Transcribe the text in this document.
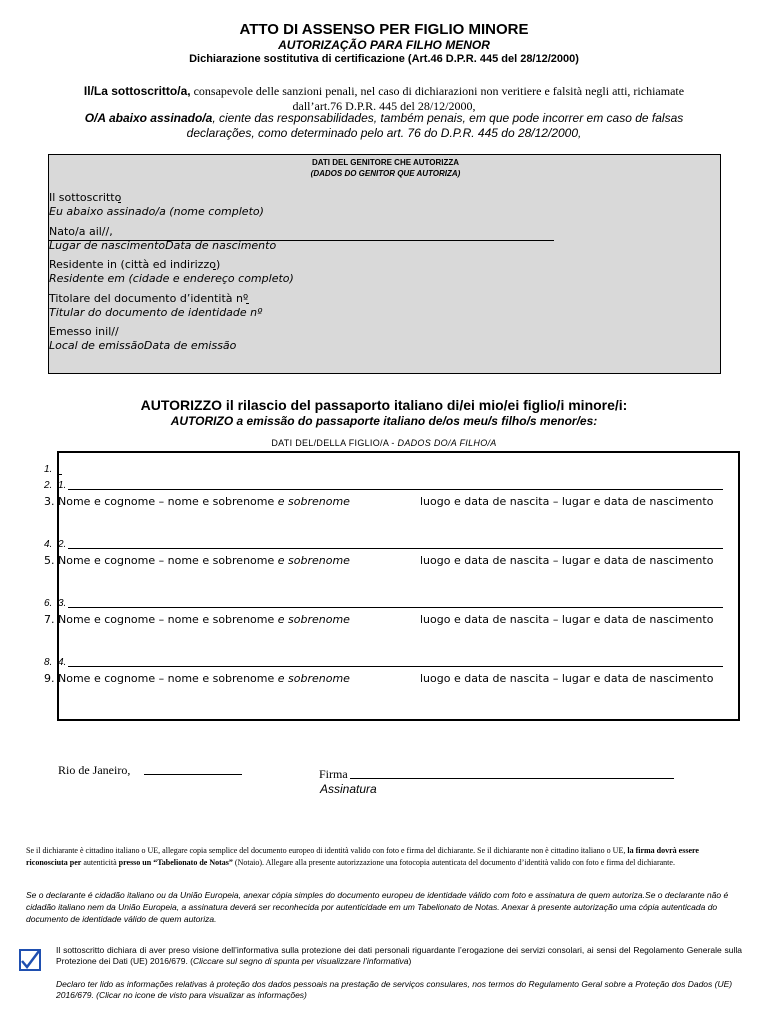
ATTO DI ASSENSO PER FIGLIO MINORE
AUTORIZAÇÃO PARA FILHO MENOR
Dichiarazione sostitutiva di certificazione (Art.46 D.P.R. 445 del 28/12/2000)
Il/La sottoscritto/a, consapevole delle sanzioni penali, nel caso di dichiarazioni non veritiere e falsità negli atti, richiamate dall’art.76 D.P.R. 445 del 28/12/2000,
O/A abaixo assinado/a, ciente das responsabilidades, também penais, em que pode incorrer em caso de falsas declarações, como determinado pelo art. 76 do D.P.R. 445 do 28/12/2000,
DATI DEL GENITORE CHE AUTORIZZA
(DADOS DO GENITOR QUE AUTORIZA)
Il sottoscritto
Eu abaixo assinado/a (nome completo)
Nato/a ail//,
Lugar de nascimentoData de nascimento
Residente in (città ed indirizzo)
Residente em (cidade e endereço completo)
Titolare del documento d’identità nº
Titular do documento de identidade nº
Emesso inil//
Local de emissãoData de emissão
AUTORIZZO il rilascio del passaporto italiano di/ei mio/ei figlio/i minore/i:
AUTORIZO a emissão do passaporte italiano de/os meu/s filho/s menor/es:
DATI DEL/DELLA FIGLIO/A - DADOS DO/A FILHO/A
1.
2. 1.
3. Nome e cognome – nome e sobrenome e sobrenome	luogo e data de nascita – lugar e data de nascimento
4. 2.
5. Nome e cognome – nome e sobrenome e sobrenome	luogo e data de nascita – lugar e data de nascimento
6. 3.
7. Nome e cognome – nome e sobrenome e sobrenome	luogo e data de nascita – lugar e data de nascimento
8. 4.
9. Nome e cognome – nome e sobrenome e sobrenome	luogo e data de nascita – lugar e data de nascimento
Rio de Janeiro,	Firma
Assinatura
Se il dichiarante è cittadino italiano o UE, allegare copia semplice del documento europeo di identità valido con foto e firma del dichiarante. Se il dichiarante non è cittadino italiano o UE, la firma dovrà essere riconosciuta per autenticità presso un “Tabelionato de Notas” (Notaio). Allegare alla presente autorizzazione una fotocopia autenticata del documento d’identità valido con foto e firma del dichiarante.
Se o declarante é cidadão italiano ou da União Europeia, anexar cópia simples do documento europeu de identidade válido com foto e assinatura de quem autoriza.Se o declarante não é cidadão italiano nem da União Europeia, a assinatura deverá ser reconhecida por autenticidade em um Tabelionato de Notas. Anexar à presente autorização uma cópia autenticada do documento de identidade válido de quem autoriza.
Il sottoscritto dichiara di aver preso visione dell’informativa sulla protezione dei dati personali riguardante l’erogazione dei servizi consolari, ai sensi del Regolamento Generale sulla Protezione dei Dati (UE) 2016/679. (Cliccare sul segno di spunta per visualizzare l’informativa)
Declaro ter lido as informações relativas à proteção dos dados pessoais na prestação de serviços consulares, nos termos do Regulamento Geral sobre a Proteção dos Dados (UE) 2016/679. (Clicar no icone de visto para visualizar as informações)
